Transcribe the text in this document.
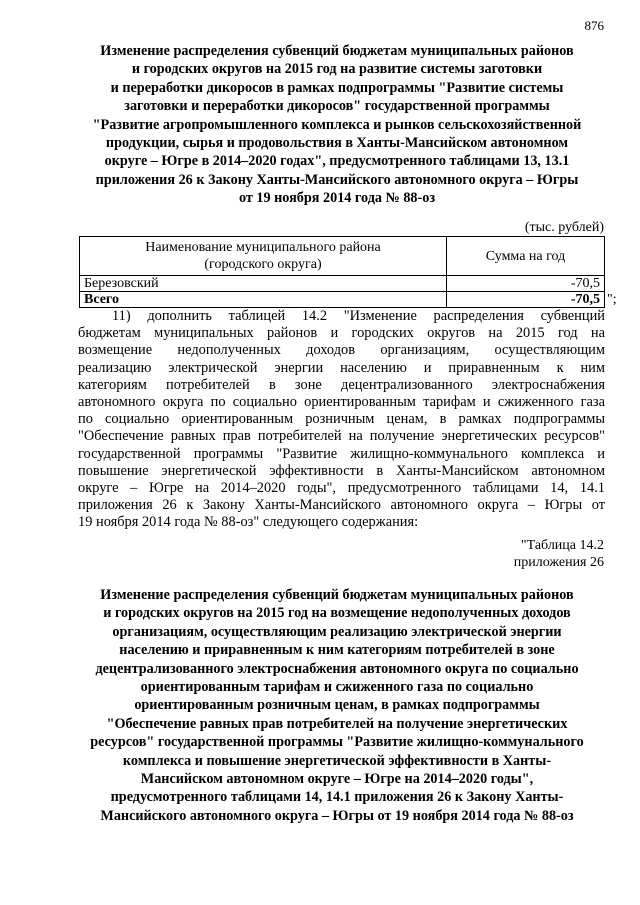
876
Изменение распределения субвенций бюджетам муниципальных районов
и городских округов на 2015 год на развитие системы заготовки
и переработки дикоросов в рамках подпрограммы "Развитие системы
заготовки и переработки дикоросов" государственной программы
"Развитие агропромышленного комплекса и рынков сельскохозяйственной
продукции, сырья и продовольствия в Ханты-Мансийском автономном
округе – Югре в 2014–2020 годах", предусмотренного таблицами 13, 13.1
приложения 26 к Закону Ханты-Мансийского автономного округа – Югры
от 19 ноября 2014 года № 88-оз
(тыс. рублей)
Наименование муниципального района
(городского округа)	Сумма на год
Березовский	-70,5
Всего	-70,5 ";
11) дополнить таблицей 14.2 "Изменение распределения субвенций
бюджетам муниципальных районов и городских округов на 2015 год на
возмещение недополученных доходов организациям, осуществляющим
реализацию электрической энергии населению и приравненным к ним
категориям потребителей в зоне децентрализованного электроснабжения
автономного округа по социально ориентированным тарифам и сжиженного газа
по социально ориентированным розничным ценам, в рамках подпрограммы
"Обеспечение равных прав потребителей на получение энергетических ресурсов"
государственной программы "Развитие жилищно-коммунального комплекса и
повышение энергетической эффективности в Ханты-Мансийском автономном
округе – Югре на 2014–2020 годы", предусмотренного таблицами 14, 14.1
приложения 26 к Закону Ханты-Мансийского автономного округа – Югры от
19 ноября 2014 года № 88-оз" следующего содержания:
"Таблица 14.2
приложения 26
Изменение распределения субвенций бюджетам муниципальных районов
и городских округов на 2015 год на возмещение недополученных доходов
организациям, осуществляющим реализацию электрической энергии
населению и приравненным к ним категориям потребителей в зоне
децентрализованного электроснабжения автономного округа по социально
ориентированным тарифам и сжиженного газа по социально
ориентированным розничным ценам, в рамках подпрограммы
"Обеспечение равных прав потребителей на получение энергетических
ресурсов" государственной программы "Развитие жилищно-коммунального
комплекса и повышение энергетической эффективности в Ханты-
Мансийском автономном округе – Югре на 2014–2020 годы",
предусмотренного таблицами 14, 14.1 приложения 26 к Закону Ханты-
Мансийского автономного округа – Югры от 19 ноября 2014 года № 88-оз
